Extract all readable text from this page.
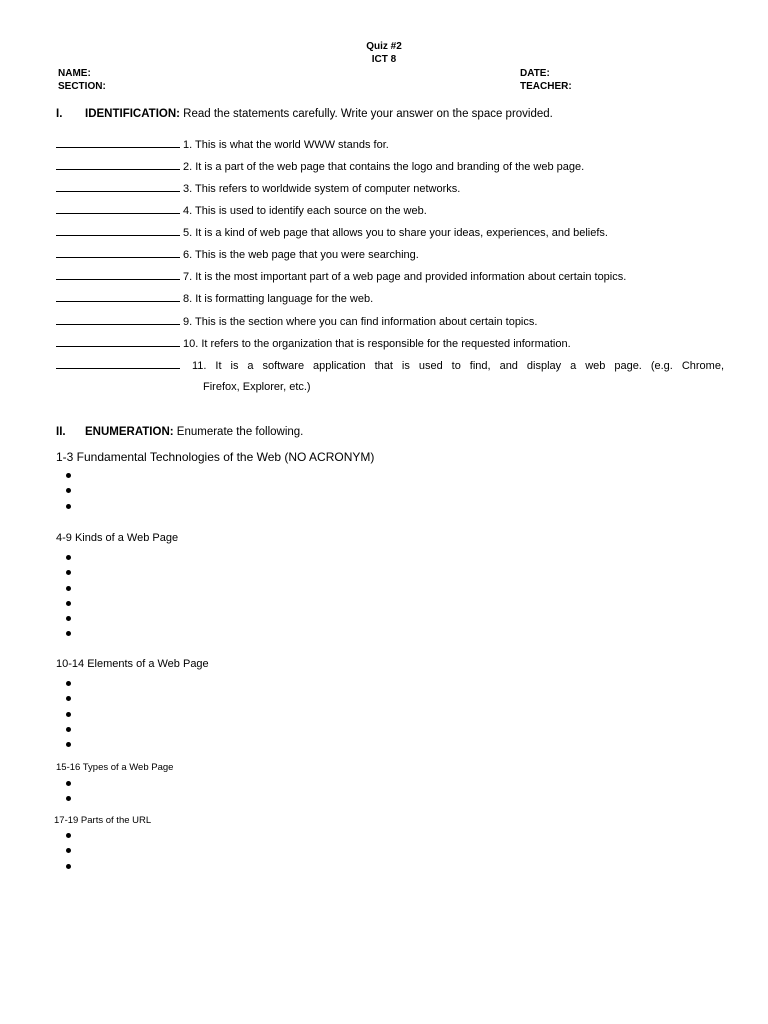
Quiz #2
ICT 8
NAME:
SECTION:
DATE:
TEACHER:
I. IDENTIFICATION: Read the statements carefully. Write your answer on the space provided.
1. This is what the world WWW stands for.
2. It is a part of the web page that contains the logo and branding of the web page.
3. This refers to worldwide system of computer networks.
4. This is used to identify each source on the web.
5. It is a kind of web page that allows you to share your ideas, experiences, and beliefs.
6. This is the web page that you were searching.
7. It is the most important part of a web page and provided information about certain topics.
8. It is formatting language for the web.
9. This is the section where you can find information about certain topics.
10. It refers to the organization that is responsible for the requested information.
11. It is a software application that is used to find, and display a web page. (e.g. Chrome,
Firefox, Explorer, etc.)
II. ENUMERATION: Enumerate the following.
1-3 Fundamental Technologies of the Web (NO ACRONYM)
4-9 Kinds of a Web Page
10-14 Elements of a Web Page
15-16 Types of a Web Page
17-19 Parts of the URL
